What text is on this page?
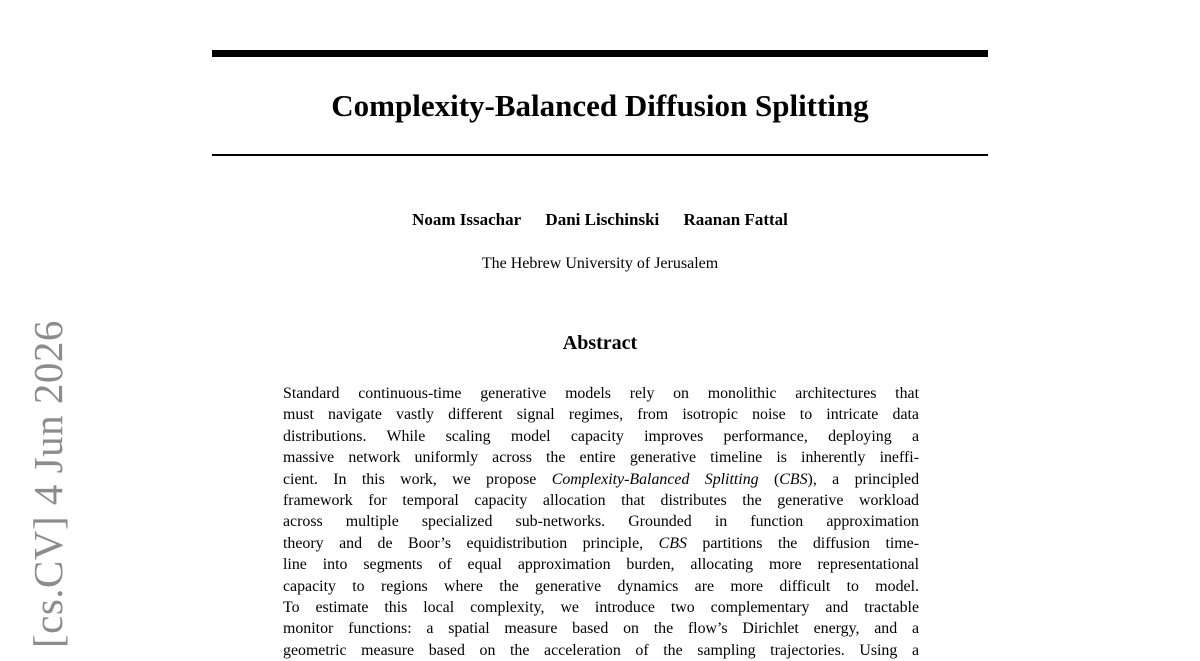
Complexity-Balanced Diffusion Splitting
Noam Issachar Dani Lischinski Raanan Fattal
The Hebrew University of Jerusalem
Abstract
Standard continuous-time generative models rely on monolithic architectures that
must navigate vastly different signal regimes, from isotropic noise to intricate data
distributions. While scaling model capacity improves performance, deploying a
massive network uniformly across the entire generative timeline is inherently ineffi-
cient. In this work, we propose Complexity-Balanced Splitting (CBS), a principled
framework for temporal capacity allocation that distributes the generative workload
across multiple specialized sub-networks. Grounded in function approximation
theory and de Boor’s equidistribution principle, CBS partitions the diffusion time-
line into segments of equal approximation burden, allocating more representational
capacity to regions where the generative dynamics are more difficult to model.
To estimate this local complexity, we introduce two complementary and tractable
monitor functions: a spatial measure based on the flow’s Dirichlet energy, and a
geometric measure based on the acceleration of the sampling trajectories. Using a
[cs.CV] 4 Jun 2026
